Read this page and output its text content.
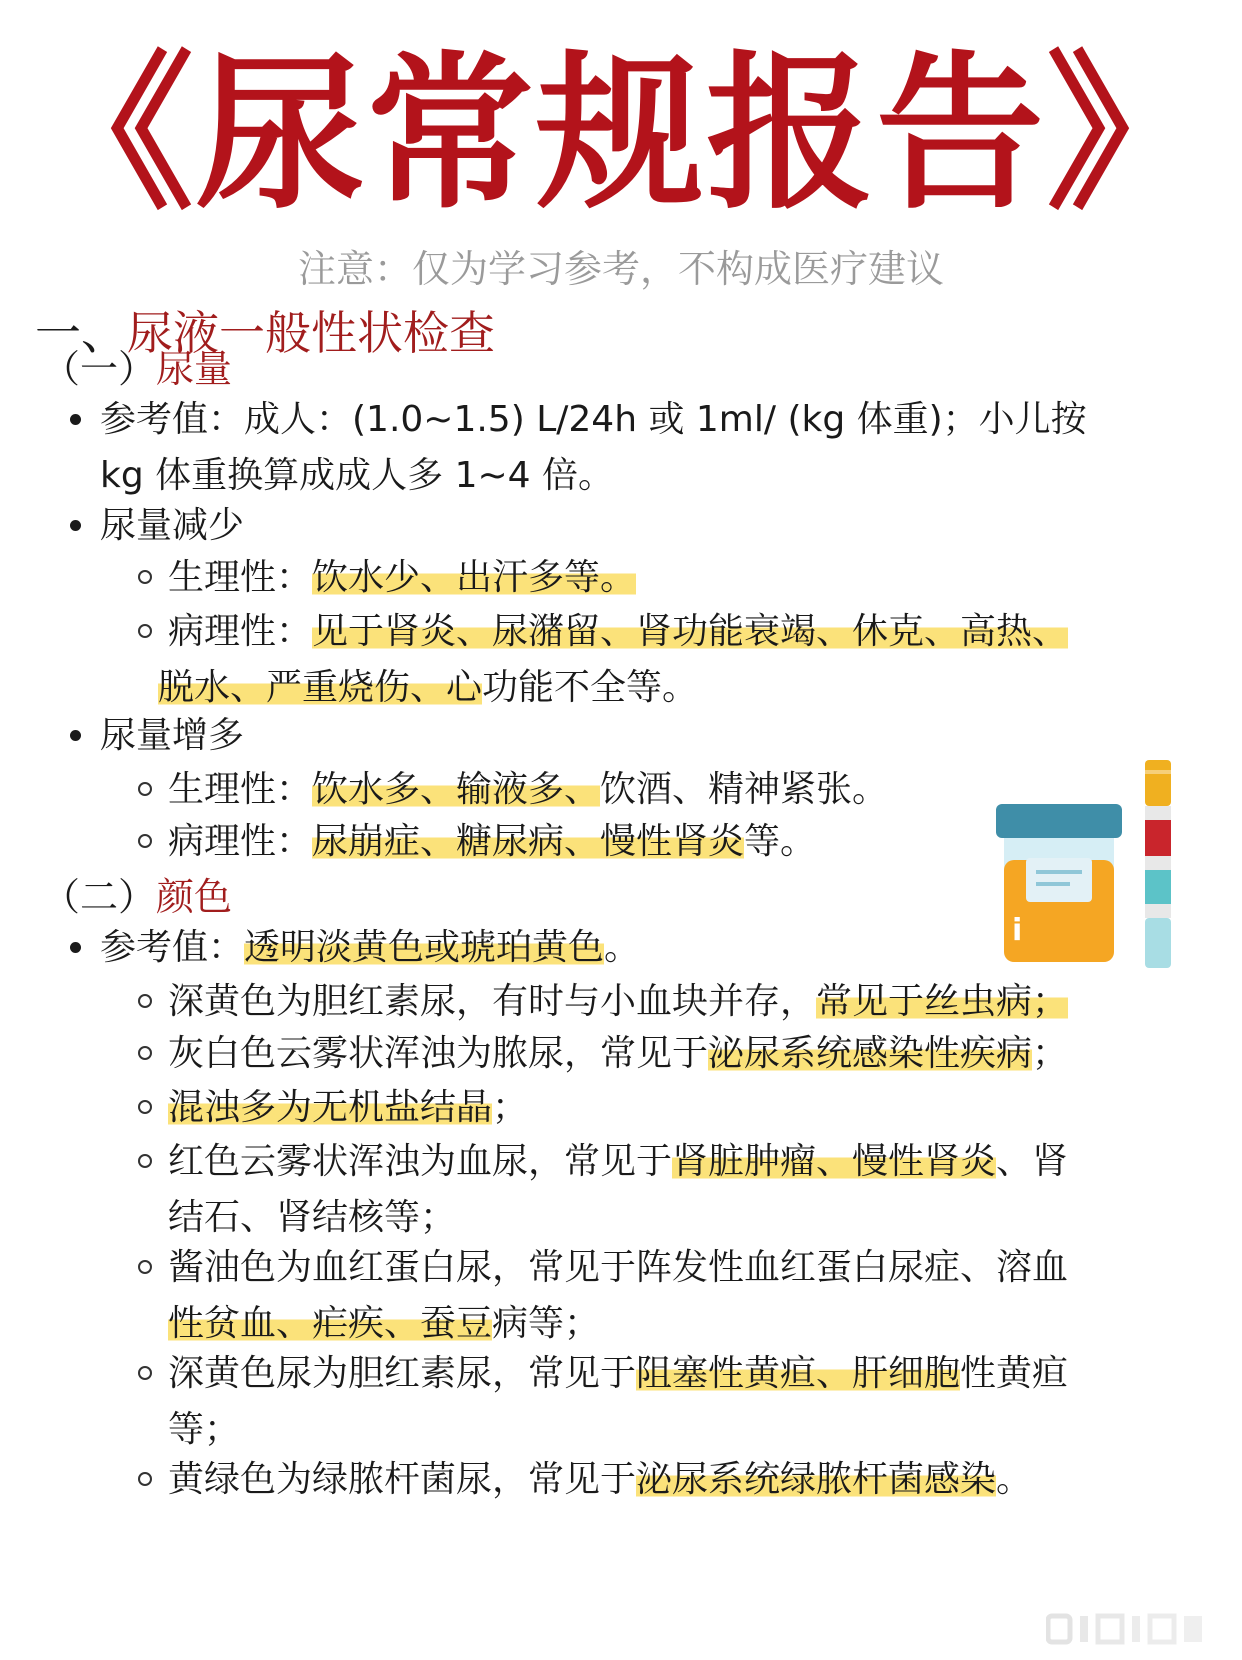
《尿常规报告》
注意：仅为学习参考，不构成医疗建议
一、尿液一般性状检查
（一）尿量
参考值：成人：(1.0~1.5) L/24h 或 1ml/ (kg 体重)；小儿按
kg 体重换算成成人多 1~4 倍。
尿量减少
生理性：饮水少、出汗多等。
病理性：见于肾炎、尿潴留、肾功能衰竭、休克、高热、
脱水、严重烧伤、心功能不全等。
尿量增多
生理性：饮水多、输液多、饮酒、精神紧张。
病理性：尿崩症、糖尿病、慢性肾炎等。
i
（二）颜色
参考值：透明淡黄色或琥珀黄色。
深黄色为胆红素尿，有时与小血块并存，常见于丝虫病；
灰白色云雾状浑浊为脓尿，常见于泌尿系统感染性疾病；
混浊多为无机盐结晶；
红色云雾状浑浊为血尿，常见于肾脏肿瘤、慢性肾炎、肾
结石、肾结核等；
酱油色为血红蛋白尿，常见于阵发性血红蛋白尿症、溶血
性贫血、疟疾、蚕豆病等；
深黄色尿为胆红素尿，常见于阻塞性黄疸、肝细胞性黄疸
等；
黄绿色为绿脓杆菌尿，常见于泌尿系统绿脓杆菌感染。
